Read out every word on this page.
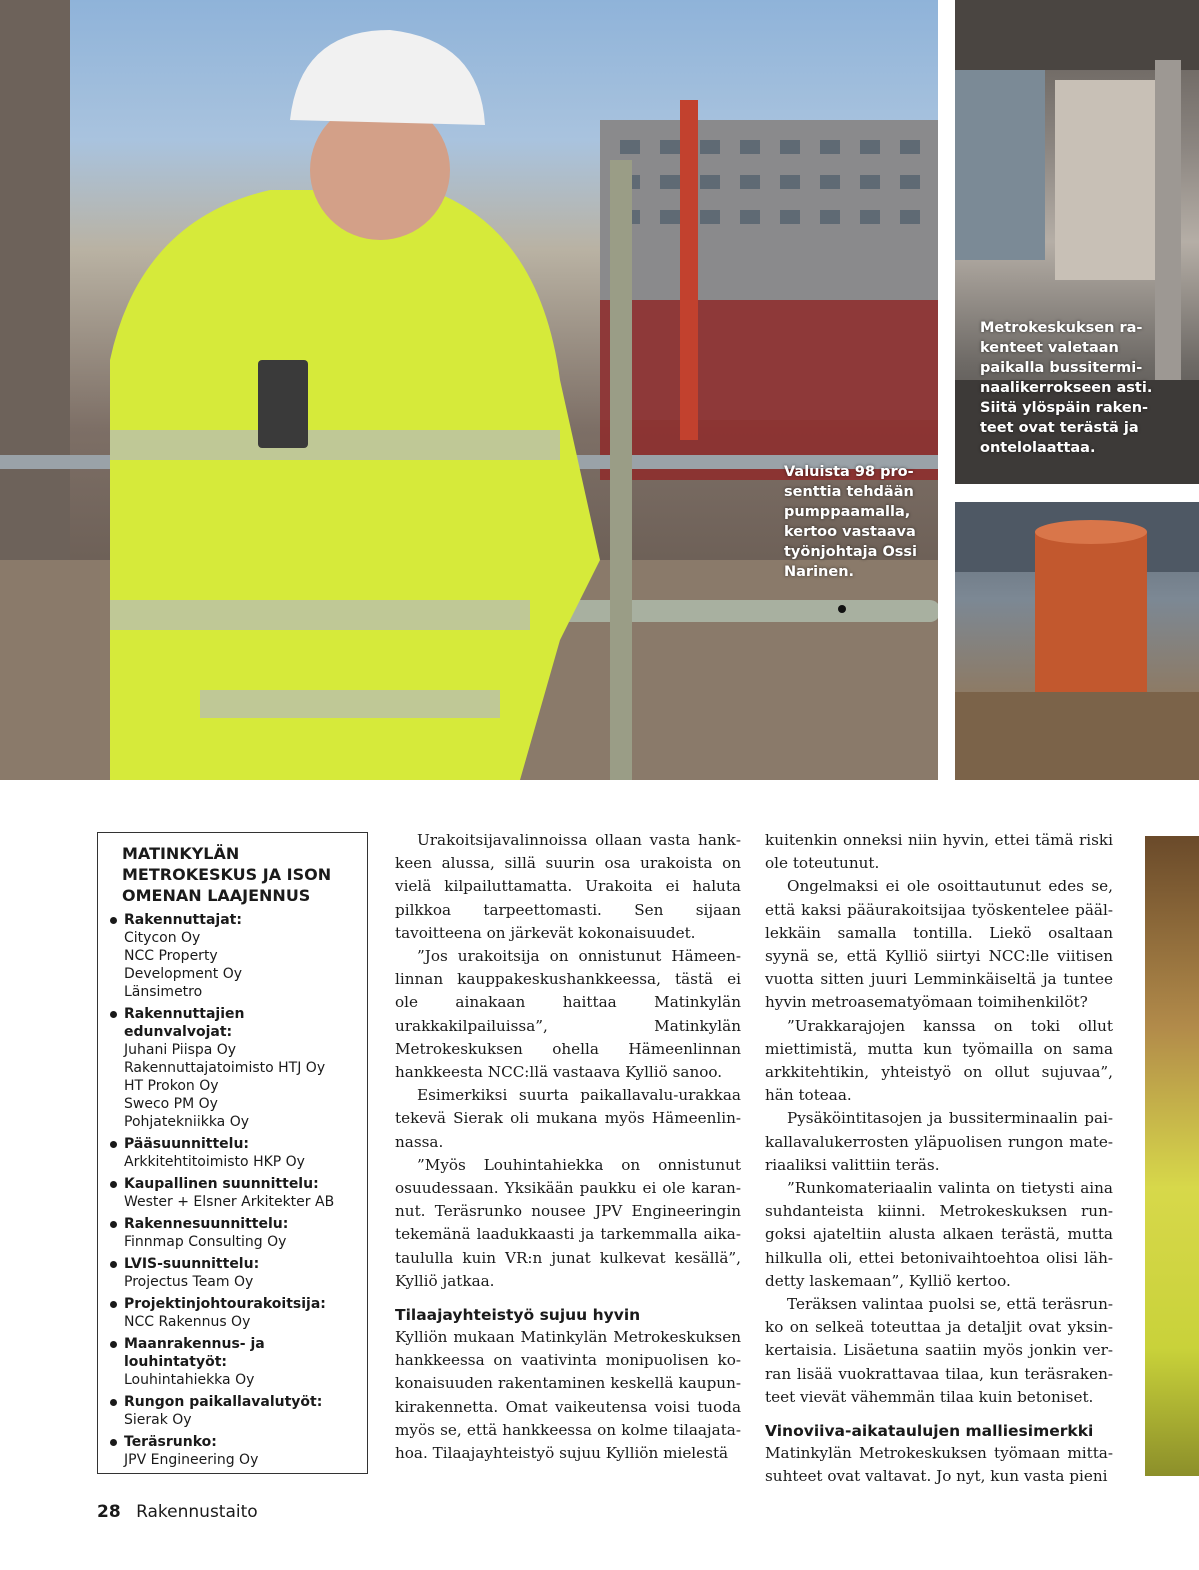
Valuista 98 pro-
senttia tehdään
pumppaamalla,
kertoo vastaava
työnjohtaja Ossi
Narinen.
Metrokeskuksen ra-
kenteet valetaan
paikalla bussitermi-
naalikerrokseen asti.
Siitä ylöspäin raken-
teet ovat terästä ja
ontelolaattaa.
MATINKYLÄN
METROKESKUS JA ISON
OMENAN LAAJENNUS
Rakennuttajat:
Citycon Oy
NCC Property
Development Oy
Länsimetro
Rakennuttajien edunvalvojat:
Juhani Piispa Oy
Rakennuttajatoimisto HTJ Oy
HT Prokon Oy
Sweco PM Oy
Pohjatekniikka Oy
Pääsuunnittelu:
Arkkitehtitoimisto HKP Oy
Kaupallinen suunnittelu:
Wester + Elsner Arkitekter AB
Rakennesuunnittelu:
Finnmap Consulting Oy
LVIS-suunnittelu:
Projectus Team Oy
Projektinjohtourakoitsija:
NCC Rakennus Oy
Maanrakennus- ja
louhintatyöt:
Louhintahiekka Oy
Rungon paikallavalutyöt:
Sierak Oy
Teräsrunko:
JPV Engineering Oy

Urakoitsijavalinnoissa ollaan vasta hankkeen alussa, sillä suurin osa urakoista on vielä kilpailuttamatta. Urakoita ei haluta pilkkoa tarpeettomasti. Sen sijaan tavoitteena on järkevät kokonaisuudet.

”Jos urakoitsija on onnistunut Hämeenlinnan kauppakeskushankkeessa, tästä ei ole ainakaan haittaa Matinkylän urakkakilpailuissa”, Matinkylän Metrokeskuksen ohella Hämeenlinnan hankkeesta NCC:llä vastaava Kylliö sanoo.

Esimerkiksi suurta paikallavalu-urakkaa tekevä Sierak oli mukana myös Hämeenlinnassa.

”Myös Louhintahiekka on onnistunut osuudessaan. Yksikään paukku ei ole karannut. Teräsrunko nousee JPV Engineeringin tekemänä laadukkaasti ja tarkemmalla aikataululla kuin VR:n junat kulkevat kesällä”, Kylliö jatkaa.

Tilaajayhteistyö sujuu hyvin

Kylliön mukaan Matinkylän Metrokeskuksen hankkeessa on vaativinta monipuolisen kokonaisuuden rakentaminen keskellä kaupunkirakennetta. Omat vaikeutensa voisi tuoda myös se, että hankkeessa on kolme tilaajatahoa. Tilaajayhteistyö sujuu Kylliön mielestä

kuitenkin onneksi niin hyvin, ettei tämä riski ole toteutunut.

Ongelmaksi ei ole osoittautunut edes se, että kaksi pääurakoitsijaa työskentelee päällekkäin samalla tontilla. Liekö osaltaan syynä se, että Kylliö siirtyi NCC:lle viitisen vuotta sitten juuri Lemminkäiseltä ja tuntee hyvin metroasematyömaan toimihenkilöt?

”Urakkarajojen kanssa on toki ollut miettimistä, mutta kun työmailla on sama arkkitehtikin, yhteistyö on ollut sujuvaa”, hän toteaa.

Pysäköintitasojen ja bussiterminaalin paikallavalukerrosten yläpuolisen rungon materiaaliksi valittiin teräs.

”Runkomateriaalin valinta on tietysti aina suhdanteista kiinni. Metrokeskuksen rungoksi ajateltiin alusta alkaen terästä, mutta hilkulla oli, ettei betonivaihtoehtoa olisi lähdetty laskemaan”, Kylliö kertoo.

Teräksen valintaa puolsi se, että teräsrunko on selkeä toteuttaa ja detaljit ovat yksinkertaisia. Lisäetuna saatiin myös jonkin verran lisää vuokrattavaa tilaa, kun teräsrakenteet vievät vähemmän tilaa kuin betoniset.

Vinoviiva-aikataulujen malliesimerkki

Matinkylän Metrokeskuksen työmaan mittasuhteet ovat valtavat. Jo nyt, kun vasta pieni

28 Rakennustaito
